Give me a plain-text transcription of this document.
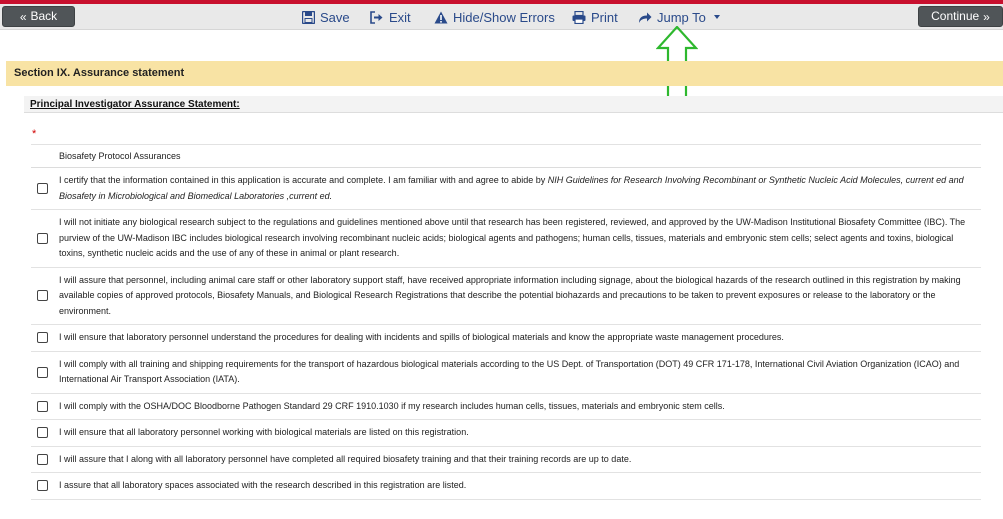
« Back	Save	Exit	Hide/Show Errors	Print	Jump To	Continue »
Section IX. Assurance statement
Principal Investigator Assurance Statement:
*
Biosafety Protocol Assurances
I certify that the information contained in this application is accurate and complete. I am familiar with and agree to abide by NIH Guidelines for Research Involving Recombinant or Synthetic Nucleic Acid Molecules, current ed and Biosafety in Microbiological and Biomedical Laboratories ,current ed.
I will not initiate any biological research subject to the regulations and guidelines mentioned above until that research has been registered, reviewed, and approved by the UW-Madison Institutional Biosafety Committee (IBC). The purview of the UW-Madison IBC includes biological research involving recombinant nucleic acids; biological agents and pathogens; human cells, tissues, materials and embryonic stem cells; select agents and toxins, biological toxins, synthetic nucleic acids and the use of any of these in animal or plant research.
I will assure that personnel, including animal care staff or other laboratory support staff, have received appropriate information including signage, about the biological hazards of the research outlined in this registration by making available copies of approved protocols, Biosafety Manuals, and Biological Research Registrations that describe the potential biohazards and precautions to be taken to prevent exposures or release to the laboratory or the environment.
I will ensure that laboratory personnel understand the procedures for dealing with incidents and spills of biological materials and know the appropriate waste management procedures.
I will comply with all training and shipping requirements for the transport of hazardous biological materials according to the US Dept. of Transportation (DOT) 49 CFR 171-178, International Civil Aviation Organization (ICAO) and International Air Transport Association (IATA).
I will comply with the OSHA/DOC Bloodborne Pathogen Standard 29 CRF 1910.1030 if my research includes human cells, tissues, materials and embryonic stem cells.
I will ensure that all laboratory personnel working with biological materials are listed on this registration.
I will assure that I along with all laboratory personnel have completed all required biosafety training and that their training records are up to date.
I assure that all laboratory spaces associated with the research described in this registration are listed.
